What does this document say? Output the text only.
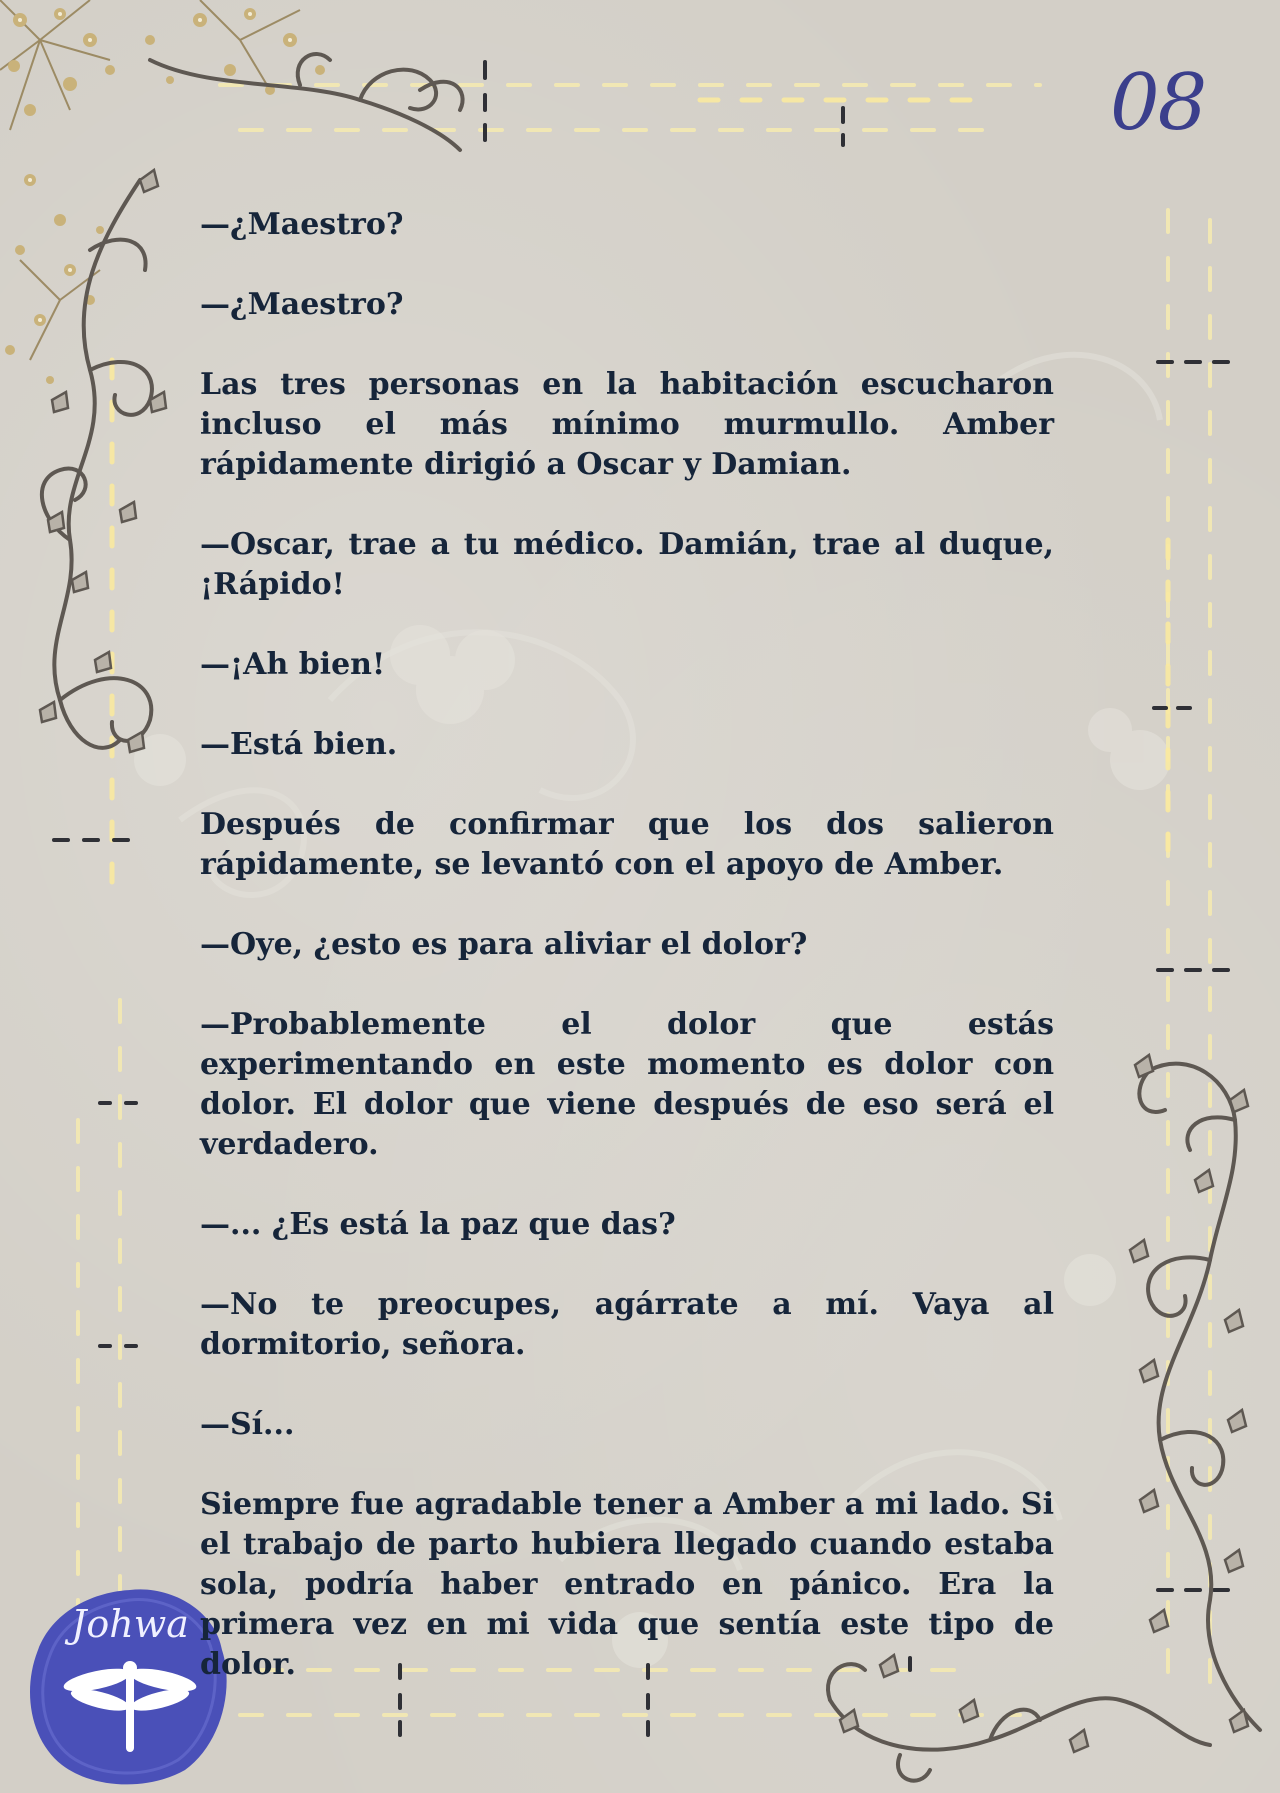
08

—¿Maestro?

—¿Maestro?

Las tres personas en la habitación escucharon incluso el más mínimo murmullo. Amber rápidamente dirigió a Oscar y Damian.

—Oscar, trae a tu médico. Damián, trae al duque, ¡Rápido!

—¡Ah bien!

—Está bien.

Después de confirmar que los dos salieron rápidamente, se levantó con el apoyo de Amber.

—Oye, ¿esto es para aliviar el dolor?

—Probablemente el dolor que estás experimentando en este momento es dolor con dolor. El dolor que viene después de eso será el verdadero.

—... ¿Es está la paz que das?

—No te preocupes, agárrate a mí. Vaya al dormitorio, señora.

—Sí...

Siempre fue agradable tener a Amber a mi lado. Si el trabajo de parto hubiera llegado cuando estaba sola, podría haber entrado en pánico. Era la primera vez en mi vida que sentía este tipo de dolor.

Johwa
